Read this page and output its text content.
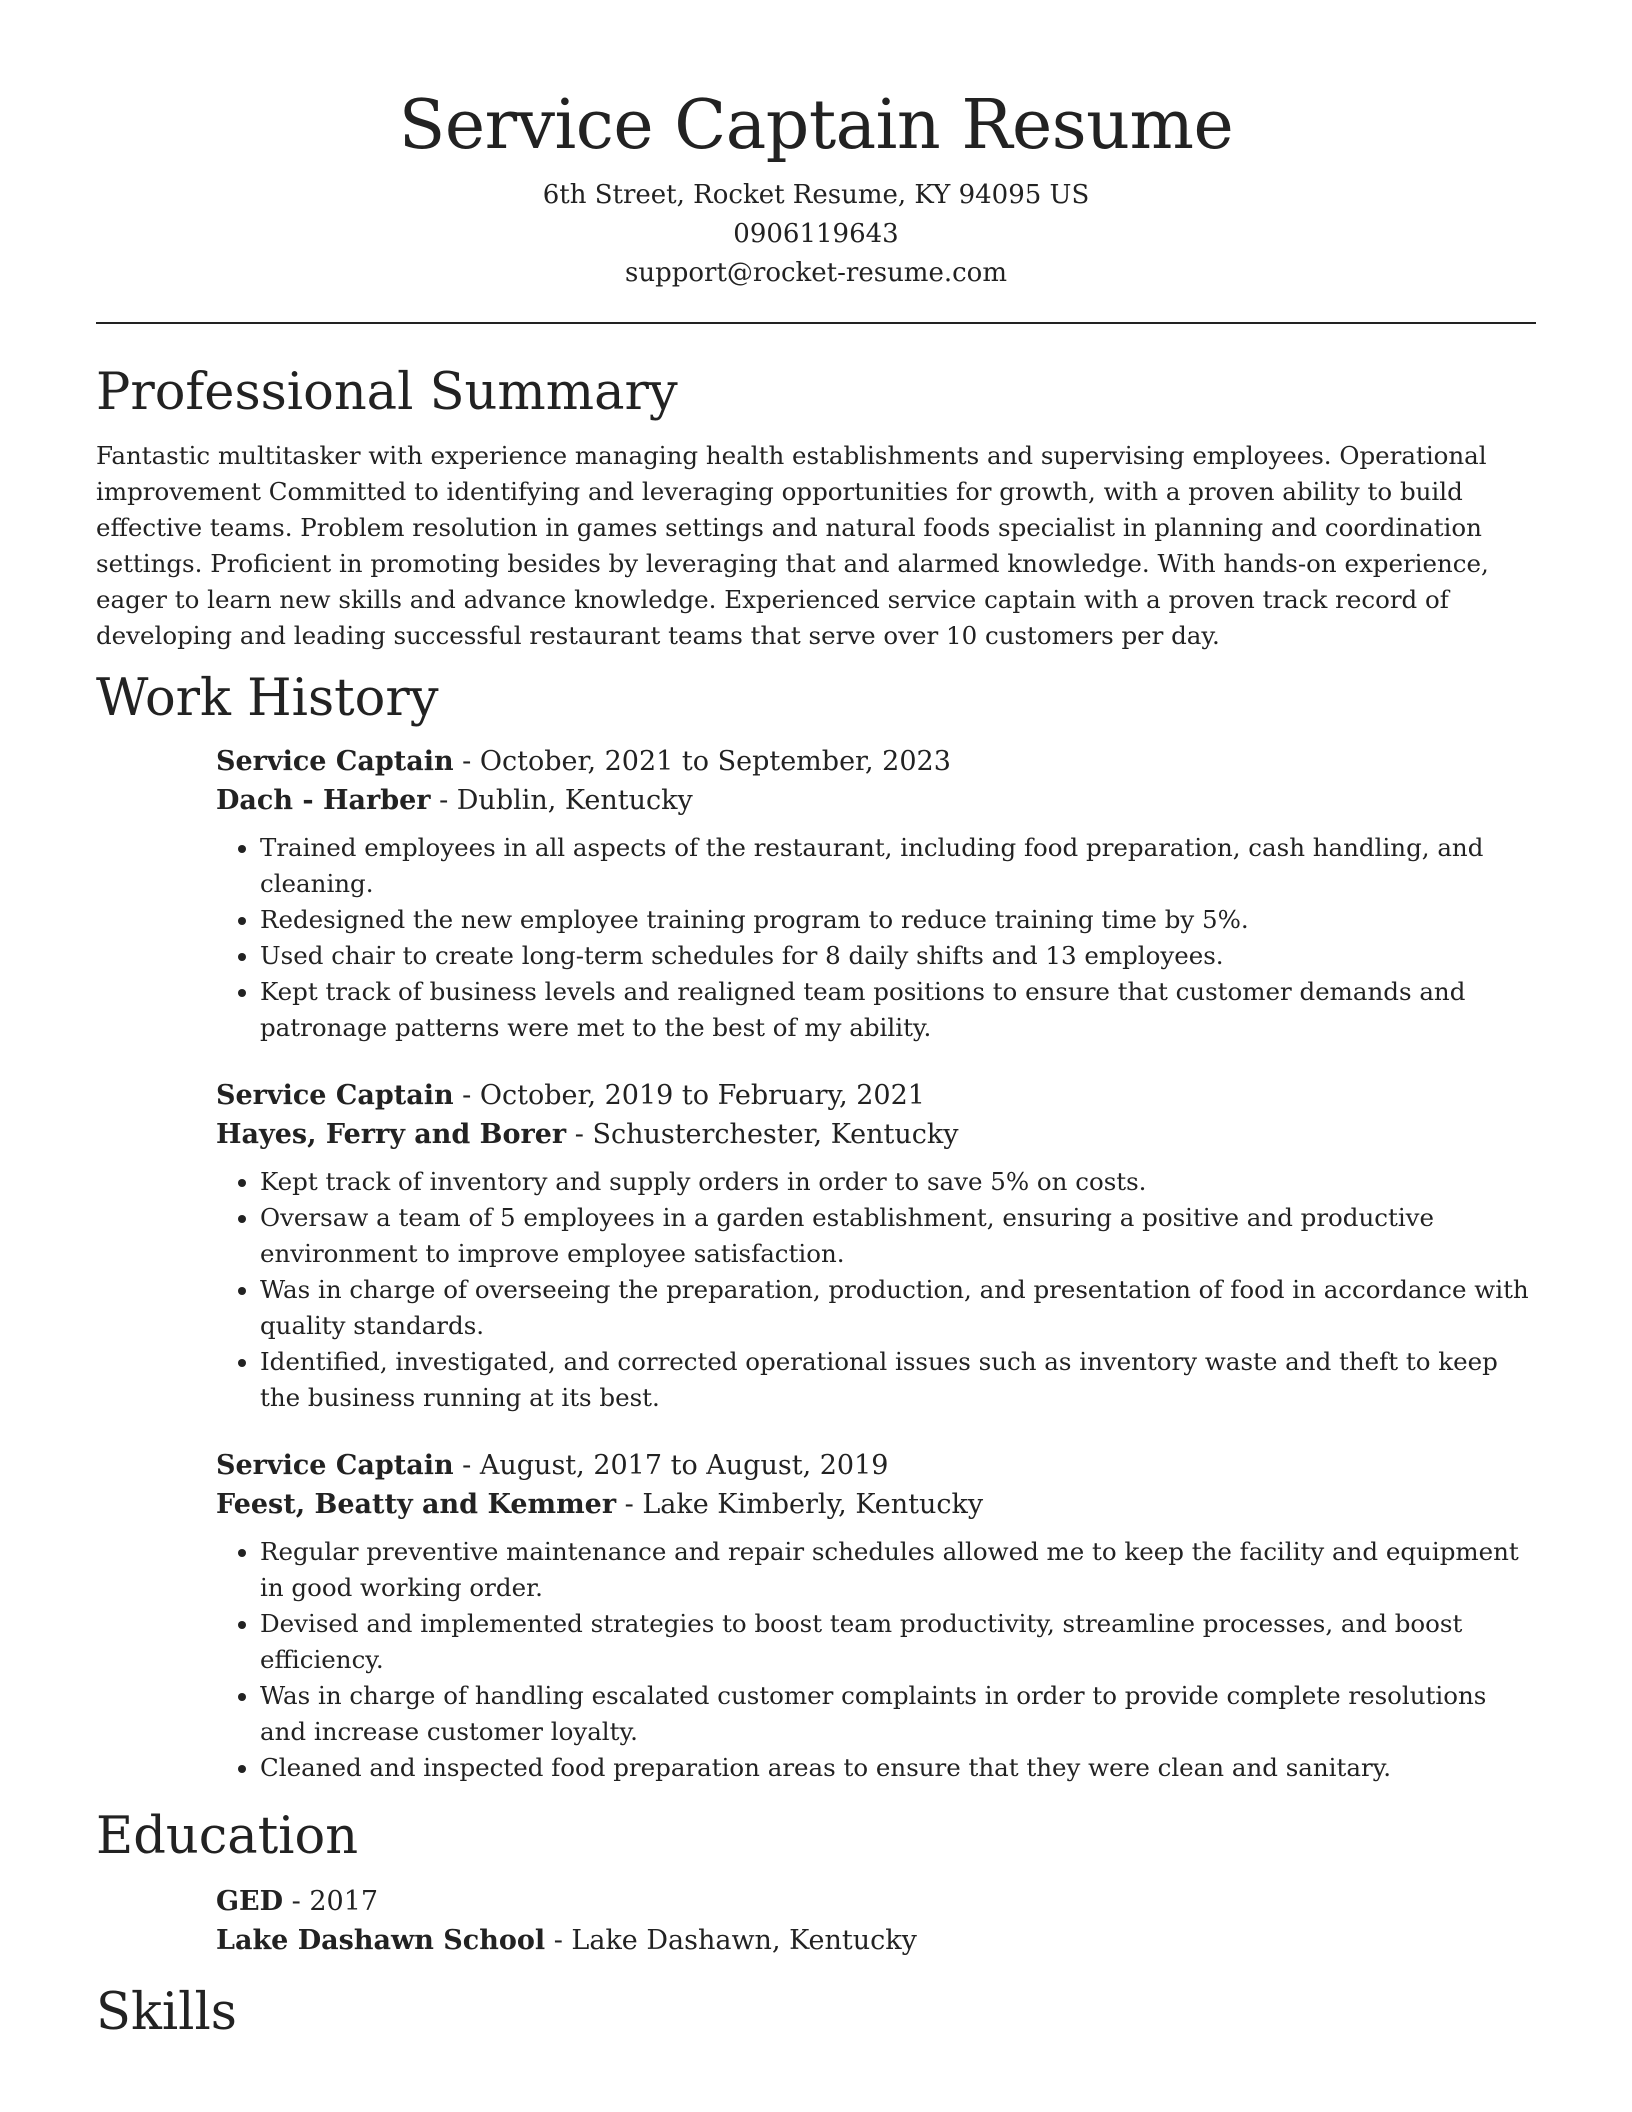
Service Captain Resume
6th Street, Rocket Resume, KY 94095 US
0906119643
support@rocket-resume.com
Professional Summary

Fantastic multitasker with experience managing health establishments and supervising employees. Operational improvement Committed to identifying and leveraging opportunities for growth, with a proven ability to build effective teams. Problem resolution in games settings and natural foods specialist in planning and coordination settings. Proficient in promoting besides by leveraging that and alarmed knowledge. With hands-on experience, eager to learn new skills and advance knowledge. Experienced service captain with a proven track record of developing and leading successful restaurant teams that serve over 10 customers per day.

Work History

Service Captain - October, 2021 to September, 2023

Dach - Harber - Dublin, Kentucky

• Trained employees in all aspects of the restaurant, including food preparation, cash handling, and cleaning.
• Redesigned the new employee training program to reduce training time by 5%.
• Used chair to create long-term schedules for 8 daily shifts and 13 employees.
• Kept track of business levels and realigned team positions to ensure that customer demands and patronage patterns were met to the best of my ability.

Service Captain - October, 2019 to February, 2021

Hayes, Ferry and Borer - Schusterchester, Kentucky

• Kept track of inventory and supply orders in order to save 5% on costs.
• Oversaw a team of 5 employees in a garden establishment, ensuring a positive and productive environment to improve employee satisfaction.
• Was in charge of overseeing the preparation, production, and presentation of food in accordance with quality standards.
• Identified, investigated, and corrected operational issues such as inventory waste and theft to keep the business running at its best.

Service Captain - August, 2017 to August, 2019

Feest, Beatty and Kemmer - Lake Kimberly, Kentucky

• Regular preventive maintenance and repair schedules allowed me to keep the facility and equipment in good working order.
• Devised and implemented strategies to boost team productivity, streamline processes, and boost efficiency.
• Was in charge of handling escalated customer complaints in order to provide complete resolutions and increase customer loyalty.
• Cleaned and inspected food preparation areas to ensure that they were clean and sanitary.
Education

GED - 2017

Lake Dashawn School - Lake Dashawn, Kentucky

Skills
